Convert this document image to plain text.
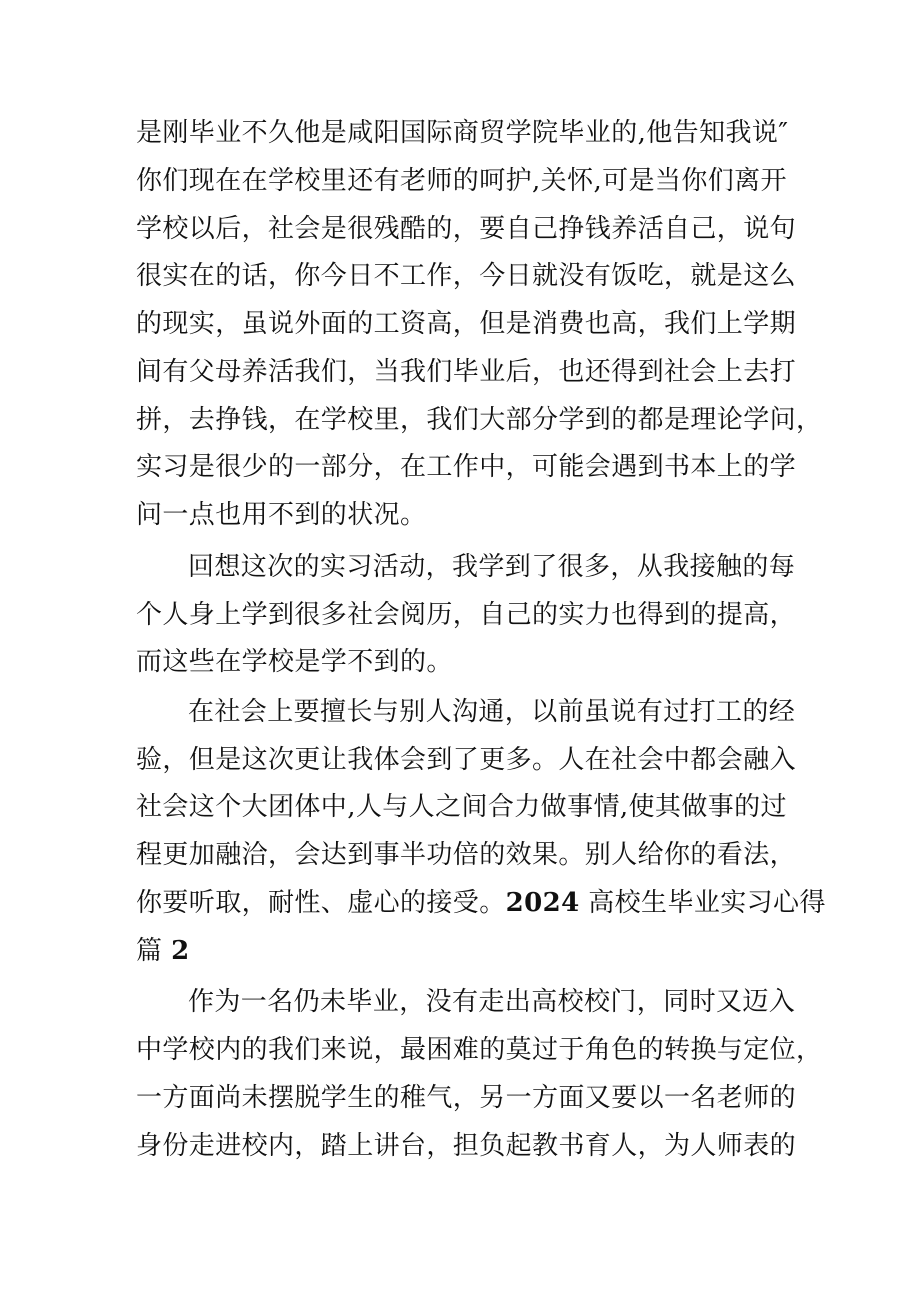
是刚毕业不久他是咸阳国际商贸学院毕业的,他告知我说″
你们现在在学校里还有老师的呵护,关怀,可是当你们离开
学校以后，社会是很残酷的，要自己挣钱养活自己，说句
很实在的话，你今日不工作，今日就没有饭吃，就是这么
的现实，虽说外面的工资高，但是消费也高，我们上学期
间有父母养活我们，当我们毕业后，也还得到社会上去打
拼，去挣钱，在学校里，我们大部分学到的都是理论学问，
实习是很少的一部分，在工作中，可能会遇到书本上的学
问一点也用不到的状况。
回想这次的实习活动，我学到了很多，从我接触的每
个人身上学到很多社会阅历，自己的实力也得到的提高，
而这些在学校是学不到的。
在社会上要擅长与别人沟通，以前虽说有过打工的经
验，但是这次更让我体会到了更多。人在社会中都会融入
社会这个大团体中,人与人之间合力做事情,使其做事的过
程更加融洽，会达到事半功倍的效果。别人给你的看法，
你要听取，耐性、虚心的接受。2024 高校生毕业实习心得
篇 2
作为一名仍未毕业，没有走出高校校门，同时又迈入
中学校内的我们来说，最困难的莫过于角色的转换与定位，
一方面尚未摆脱学生的稚气，另一方面又要以一名老师的
身份走进校内，踏上讲台，担负起教书育人，为人师表的
